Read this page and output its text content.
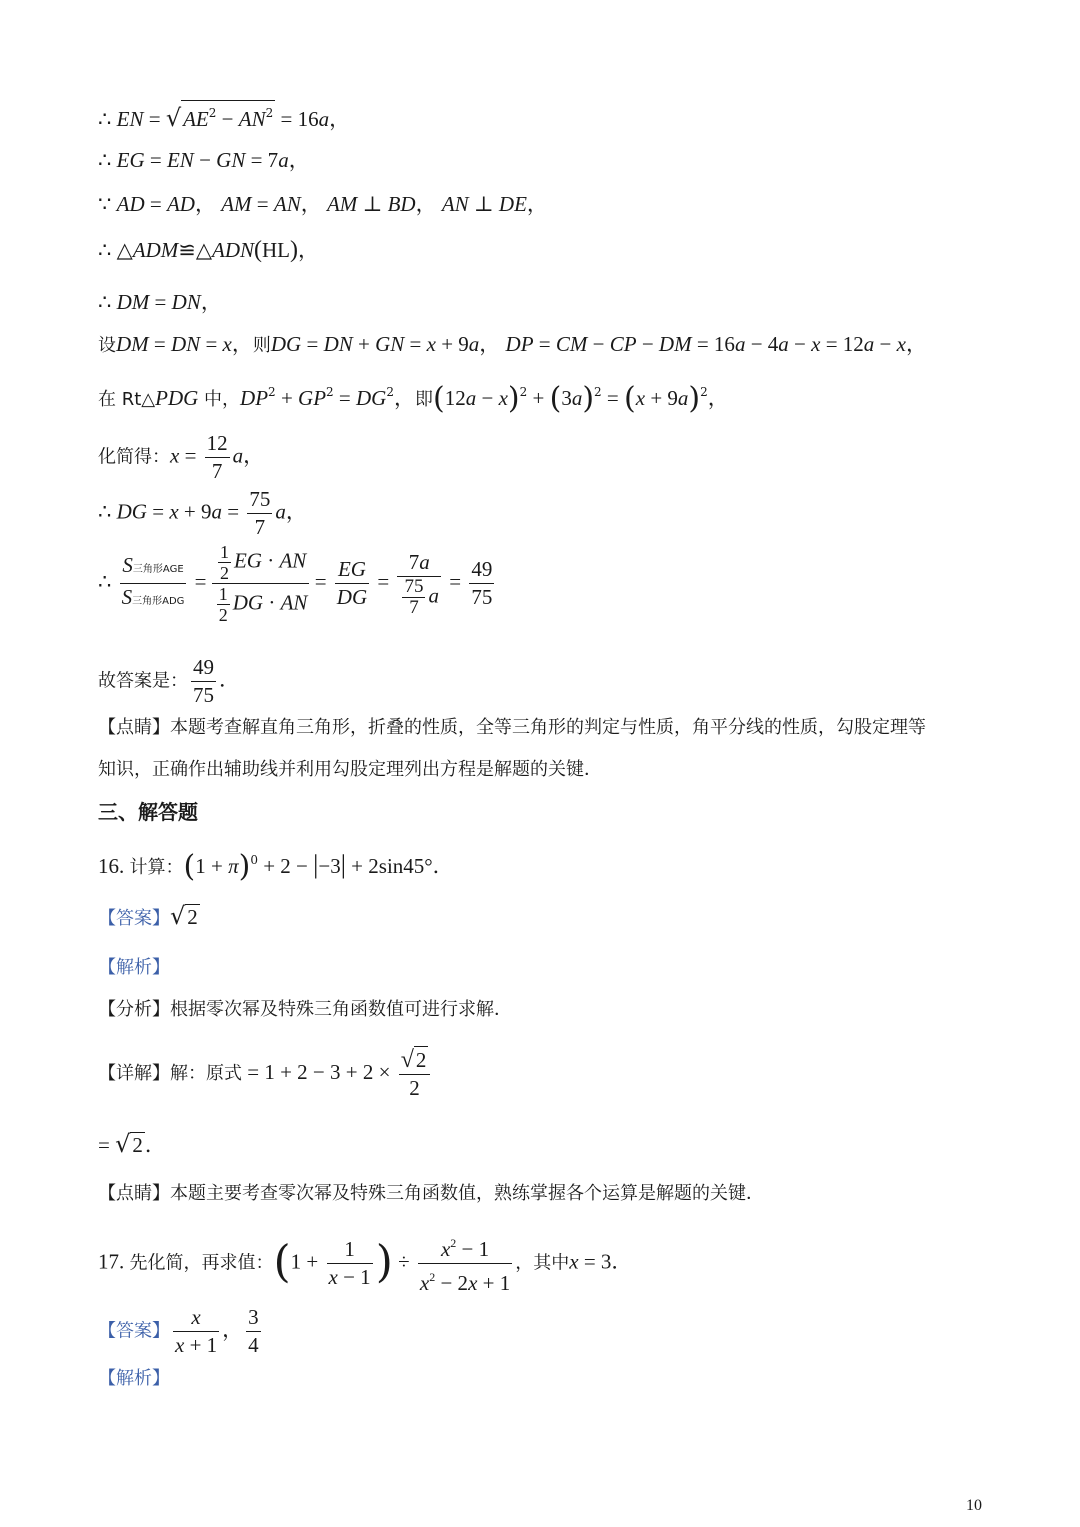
∴ EN = $√AE^2 - AN^2 = 16a$，
∴ EG = EN − GN = 7a，
∵ AD = AD， AM = AN， AM ⊥ BD， AN ⊥ DE，
∴ △ADM≌△ADN(HL)，
∴ DM = DN，
设DM = DN = x，则DG = DN + GN = x + 9a， DP = CM − CP − DM = 16a − 4a − x = 12a − x，
在 Rt△PDG 中，$DP^2 + GP^2 = DG^2$，即$(12a - x)^2 + (3a)^2 = (x + 9a)^2$，
化简得：$x = \frac{12}{7}$ a，
∴ DG = $x + 9a = \frac{75}{7}$ a，
∴ $\frac{\text{S三角形AGE}}{\text{S三角形ADG}} = \frac{\frac{1}{2} EG \cdot AN}{\frac{1}{2} DG \cdot AN} = \frac{EG}{DG} = \frac{7a}{\frac{75}{7} a} = \frac{49}{75}$
故答案是： $\frac{49}{75}$ ．
【点睛】本题考查解直角三角形，折叠的性质，全等三角形的判定与性质，角平分线的性质，勾股定理等
知识，正确作出辅助线并利用勾股定理列出方程是解题的关键．
三、解答题
16. 计算：$(1 + \pi)^0 + 2 - |-3| + 2\sin 45^\circ$．
【答案】√2
【解析】
【分析】根据零次幂及特殊三角函数值可进行求解．
【详解】解：原式 = $1 + 2 - 3 + 2 \times \frac{√2}{2}$
= √2．
【点睛】本题主要考查零次幂及特殊三角函数值，熟练掌握各个运算是解题的关键．
17. 先化简，再求值：($1 + \frac{1}{x - 1}$ ) ÷ $\frac{x^2 - 1}{x^2 - 2x + 1}$ ，其中x = 3．
【答案】 $\frac{x}{x + 1}$ ， $\frac{3}{4}$
【解析】
10
